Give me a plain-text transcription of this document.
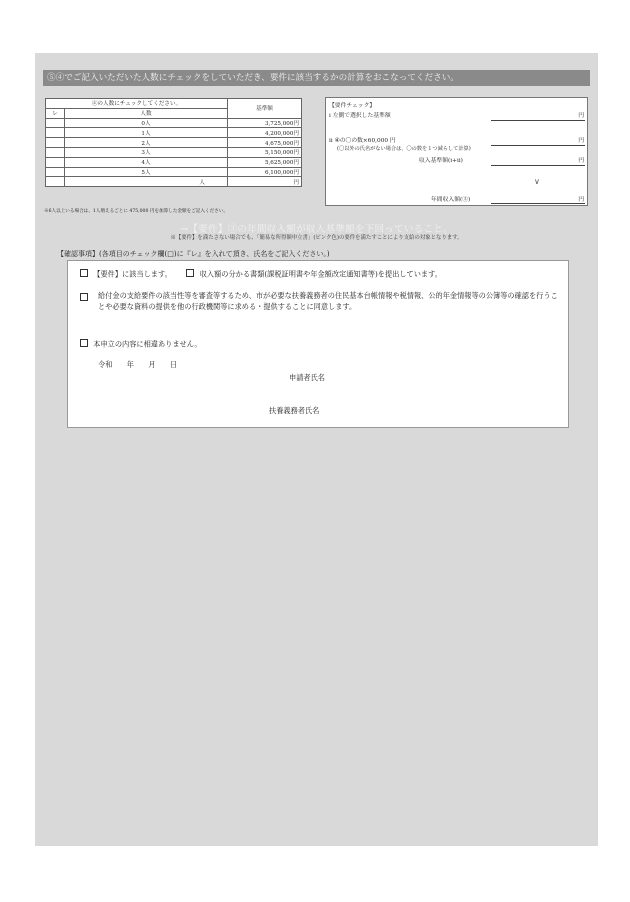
⑤④でご記入いただいた人数にチェックをしていただき、要件に該当するかの計算をおこなってください。
④の人数にチェックしてください。		基準額
レ	人数	
	0人	3,725,000円
	1人	4,200,000円
	2人	4,675,000円
	3人	5,150,000円
	4人	5,625,000円
	5人	6,100,000円
	人	円
※6人以上いる場合は、1人増えるごとに 475,000 円を加算した金額をご記入ください。
【要件チェック】
ⅰ 左側で選択した基準額	円
ⅱ ④の〇の数×60,000 円	円
(〇以外の氏名がない場合は、〇の数を１つ減らして計算)
収入基準額(ⅰ+ⅱ)	円
∨
年間収入額(③)	円
→【要件】③の年間収入額が収入基準額を下回っていること。
※【要件】を満たさない場合でも、「簡易な所得額申立書」(ピンク色)の要件を満たすことにより支給の対象となります。
【確認事項】(各項目のチェック欄(□)に『レ』を入れて頂き、氏名をご記入ください。)
【要件】に該当します。	収入額の分かる書類(課税証明書や年金額改定通知書等)を提出しています。
給付金の支給要件の該当性等を審査等するため、市が必要な扶養義務者の住民基本台帳情報や税情報、公的年金情報等の公簿等の確認を行うことや必要な資料の提供を他の行政機関等に求める・提供することに同意します。
本申立の内容に相違ありません。
令和　　年　　月　　日
申請者氏名
扶養義務者氏名
